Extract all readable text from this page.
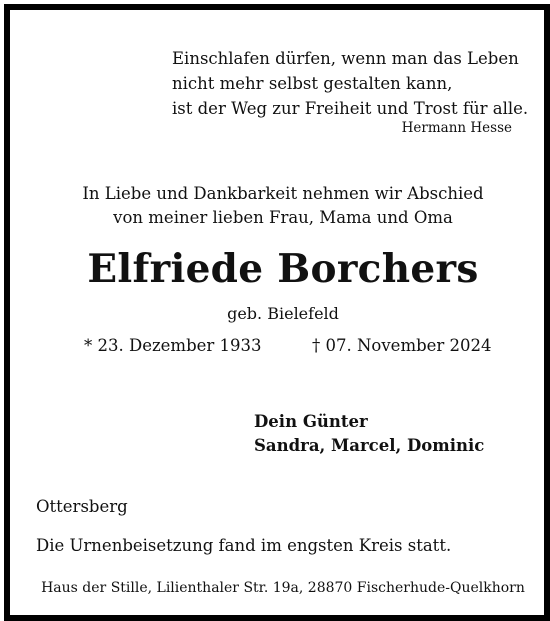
Einschlafen dürfen, wenn man das Leben
nicht mehr selbst gestalten kann,
ist der Weg zur Freiheit und Trost für alle.
Hermann Hesse
In Liebe und Dankbarkeit nehmen wir Abschied
von meiner lieben Frau, Mama und Oma
Elfriede Borchers
geb. Bielefeld
* 23. Dezember 1933	† 07. November 2024
Dein Günter
Sandra, Marcel, Dominic
Ottersberg
Die Urnenbeisetzung fand im engsten Kreis statt.
Haus der Stille, Lilienthaler Str. 19a, 28870 Fischerhude-Quelkhorn
